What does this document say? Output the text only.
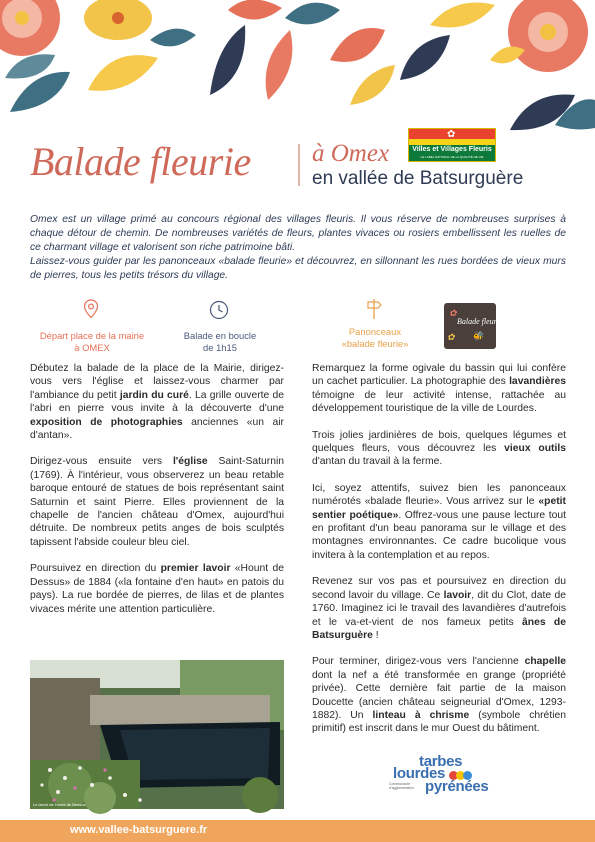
Balade fleurie à Omex
en vallée de Batsurguère
✿
Villes et Villages Fleuris
LE LABEL NATIONAL DE LA QUALITÉ DE VIE

Omex est un village primé au concours régional des villages fleuris. Il vous réserve de nombreuses surprises à chaque détour de chemin. De nombreuses variétés de fleurs, plantes vivaces ou rosiers embellissent les ruelles de ce charmant village et valorisent son riche patrimoine bâti.

Laissez-vous guider par les panonceaux «balade fleurie» et découvrez, en sillonnant les rues bordées de vieux murs de pierres, tous les petits trésors du village.

Départ place de la mairie
à OMEX
Balade en boucle
de 1h15
Panonceaux
«balade fleurie»
✿
✿
Balade fleurie
🐝

Débutez la balade de la place de la Mairie, dirigez-vous vers l'église et laissez-vous charmer par l'ambiance du petit jardin du curé. La grille ouverte de l'abri en pierre vous invite à la découverte d'une exposition de photographies anciennes «un air d'antan».

Dirigez-vous ensuite vers l'église Saint-Saturnin (1769). À l'intérieur, vous observerez un beau retable baroque entouré de statues de bois représentant saint Saturnin et saint Pierre. Elles proviennent de la chapelle de l'ancien château d'Omex, aujourd'hui détruite. De nombreux petits anges de bois sculptés tapissent l'abside couleur bleu ciel.

Poursuivez en direction du premier lavoir «Hount de Dessus» de 1884 («la fontaine d'en haut» en patois du pays). La rue bordée de pierres, de lilas et de plantes vivaces mérite une attention particulière.

Le lavoir de Hount de Dessus

Remarquez la forme ogivale du bassin qui lui confère un cachet particulier. La photographie des lavandières témoigne de leur activité intense, rattachée au développement touristique de la ville de Lourdes.

Trois jolies jardinières de bois, quelques légumes et quelques fleurs, vous découvrez les vieux outils d'antan du travail à la ferme.

Ici, soyez attentifs, suivez bien les panonceaux numérotés «balade fleurie». Vous arrivez sur le «petit sentier poétique». Offrez-vous une pause lecture tout en profitant d'un beau panorama sur le village et des montagnes environnantes. Ce cadre bucolique vous invitera à la contemplation et au repos.

Revenez sur vos pas et poursuivez en direction du second lavoir du village. Ce lavoir, dit du Clot, date de 1760. Imaginez ici le travail des lavandières d'autrefois et le va-et-vient de nos fameux petits ânes de Batsurguère !

Pour terminer, dirigez-vous vers l'ancienne chapelle dont la nef a été transformée en grange (propriété privée). Cette dernière fait partie de la maison Doucette (ancien château seigneurial d'Omex, 1293-1882). Un linteau à chrisme (symbole chrétien primitif) est inscrit dans le mur Ouest du bâtiment.

tarbes
lourdes
Communauté d'agglomération pyrénées
www.vallee-batsurguere.fr
